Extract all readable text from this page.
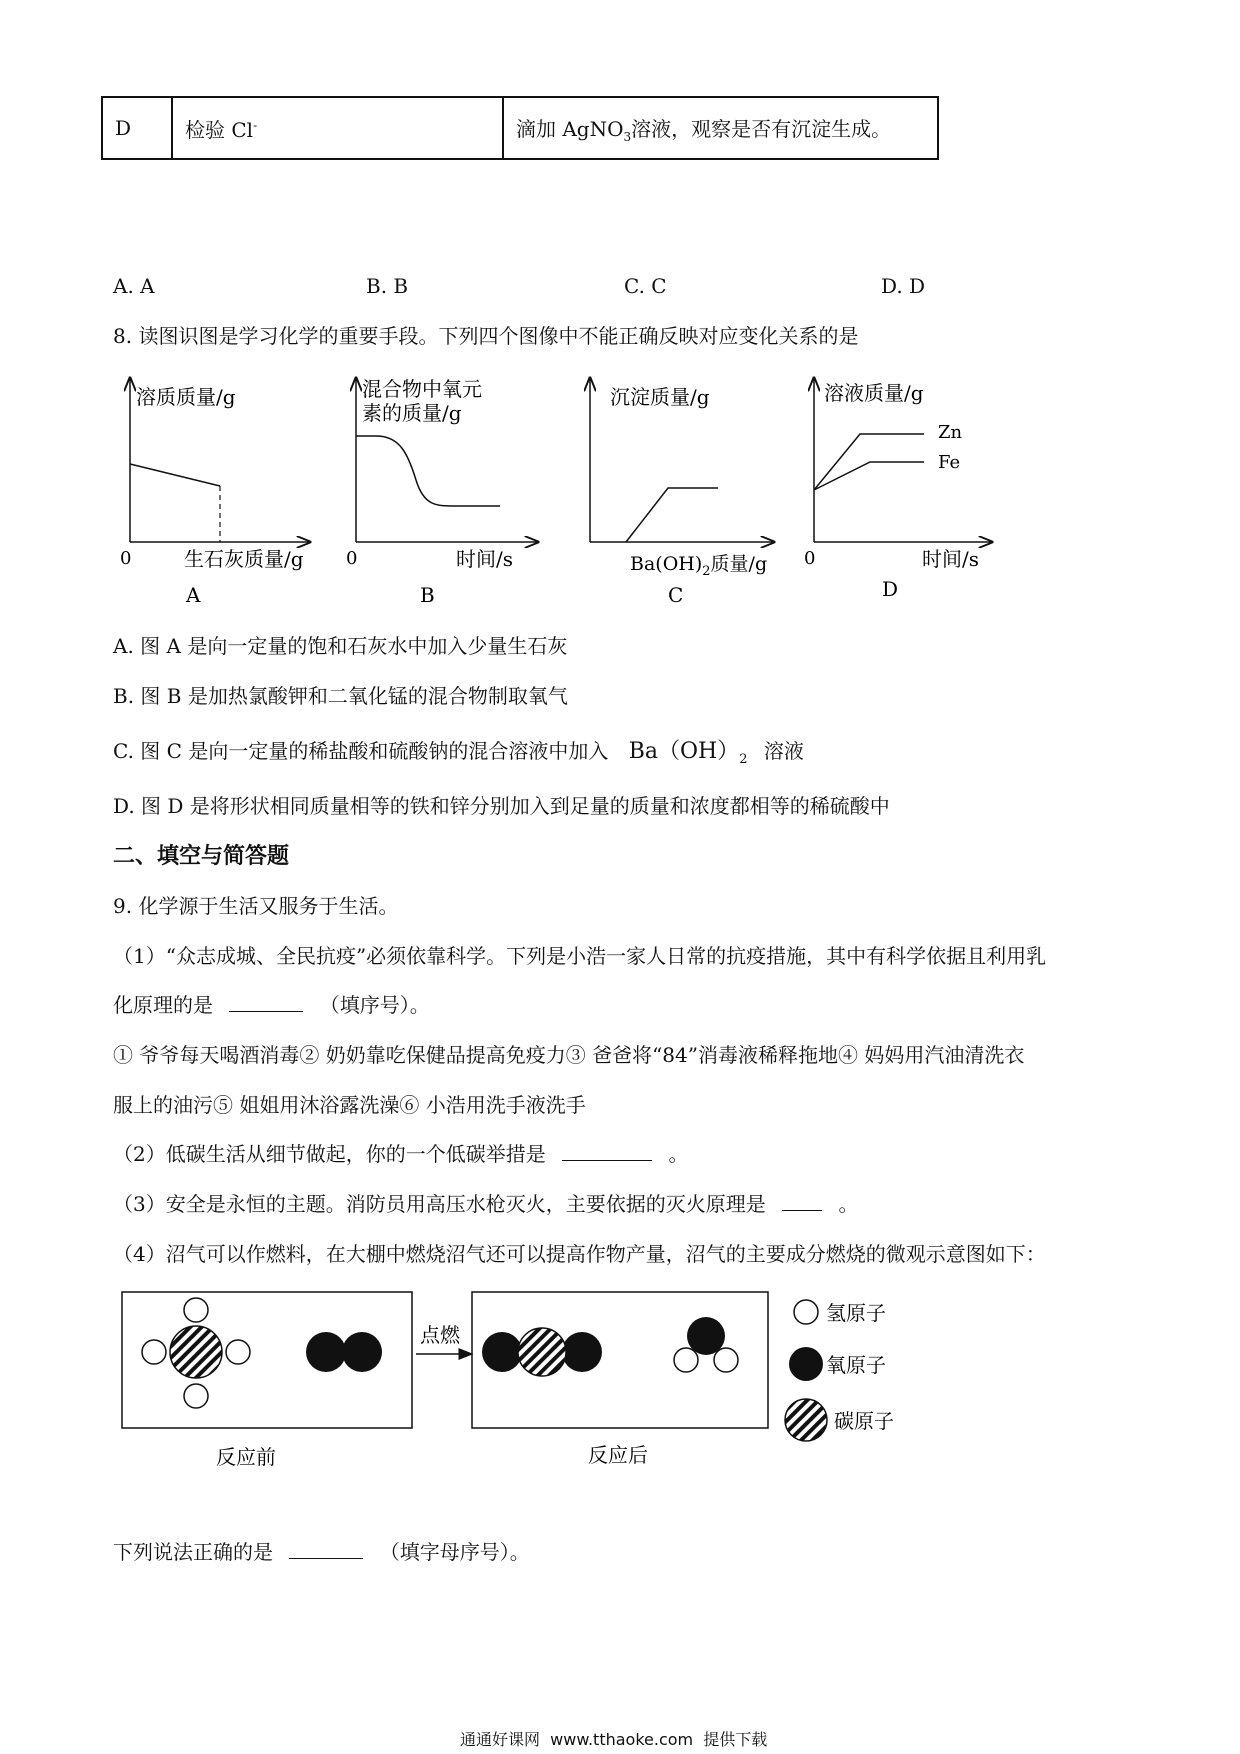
D	检验 Cl-	滴加 AgNO$_3$溶液，观察是否有沉淀生成。
A. A	B. B	C. C	D. D
8. 读图识图是学习化学的重要手段。下列四个图像中不能正确反映对应变化关系的是
溶质质量/g
0	生石灰质量/g
A
混合物中氧元
素的质量/g
0	时间/s
B
沉淀质量/g
$Ba(OH)_2$质量/g
C
溶液质量/g
Zn
Fe
0	时间/s
D
A. 图 A 是向一定量的饱和石灰水中加入少量生石灰
B. 图 B 是加热氯酸钾和二氧化锰的混合物制取氧气
C. 图 C 是向一定量的稀盐酸和硫酸钠的混合溶液中加入 $Ba(OH)_2$ 溶液
D. 图 D 是将形状相同质量相等的铁和锌分别加入到足量的质量和浓度都相等的稀硫酸中
二、填空与简答题
9. 化学源于生活又服务于生活。
（1）“众志成城、全民抗疫”必须依靠科学。下列是小浩一家人日常的抗疫措施，其中有科学依据且利用乳
化原理的是	（填序号）。
① 爷爷每天喝酒消毒② 奶奶靠吃保健品提高免疫力③ 爸爸将“84”消毒液稀释拖地④ 妈妈用汽油清洗衣
服上的油污⑤ 姐姐用沐浴露洗澡⑥ 小浩用洗手液洗手
（2）低碳生活从细节做起，你的一个低碳举措是	。
（3）安全是永恒的主题。消防员用高压水枪灭火，主要依据的灭火原理是	。
（4）沼气可以作燃料，在大棚中燃烧沼气还可以提高作物产量，沼气的主要成分燃烧的微观示意图如下：
点燃
氢原子
氧原子
碳原子
反应前	反应后
下列说法正确的是	（填字母序号）。
通通好课网  www.tthaoke.com  提供下载
